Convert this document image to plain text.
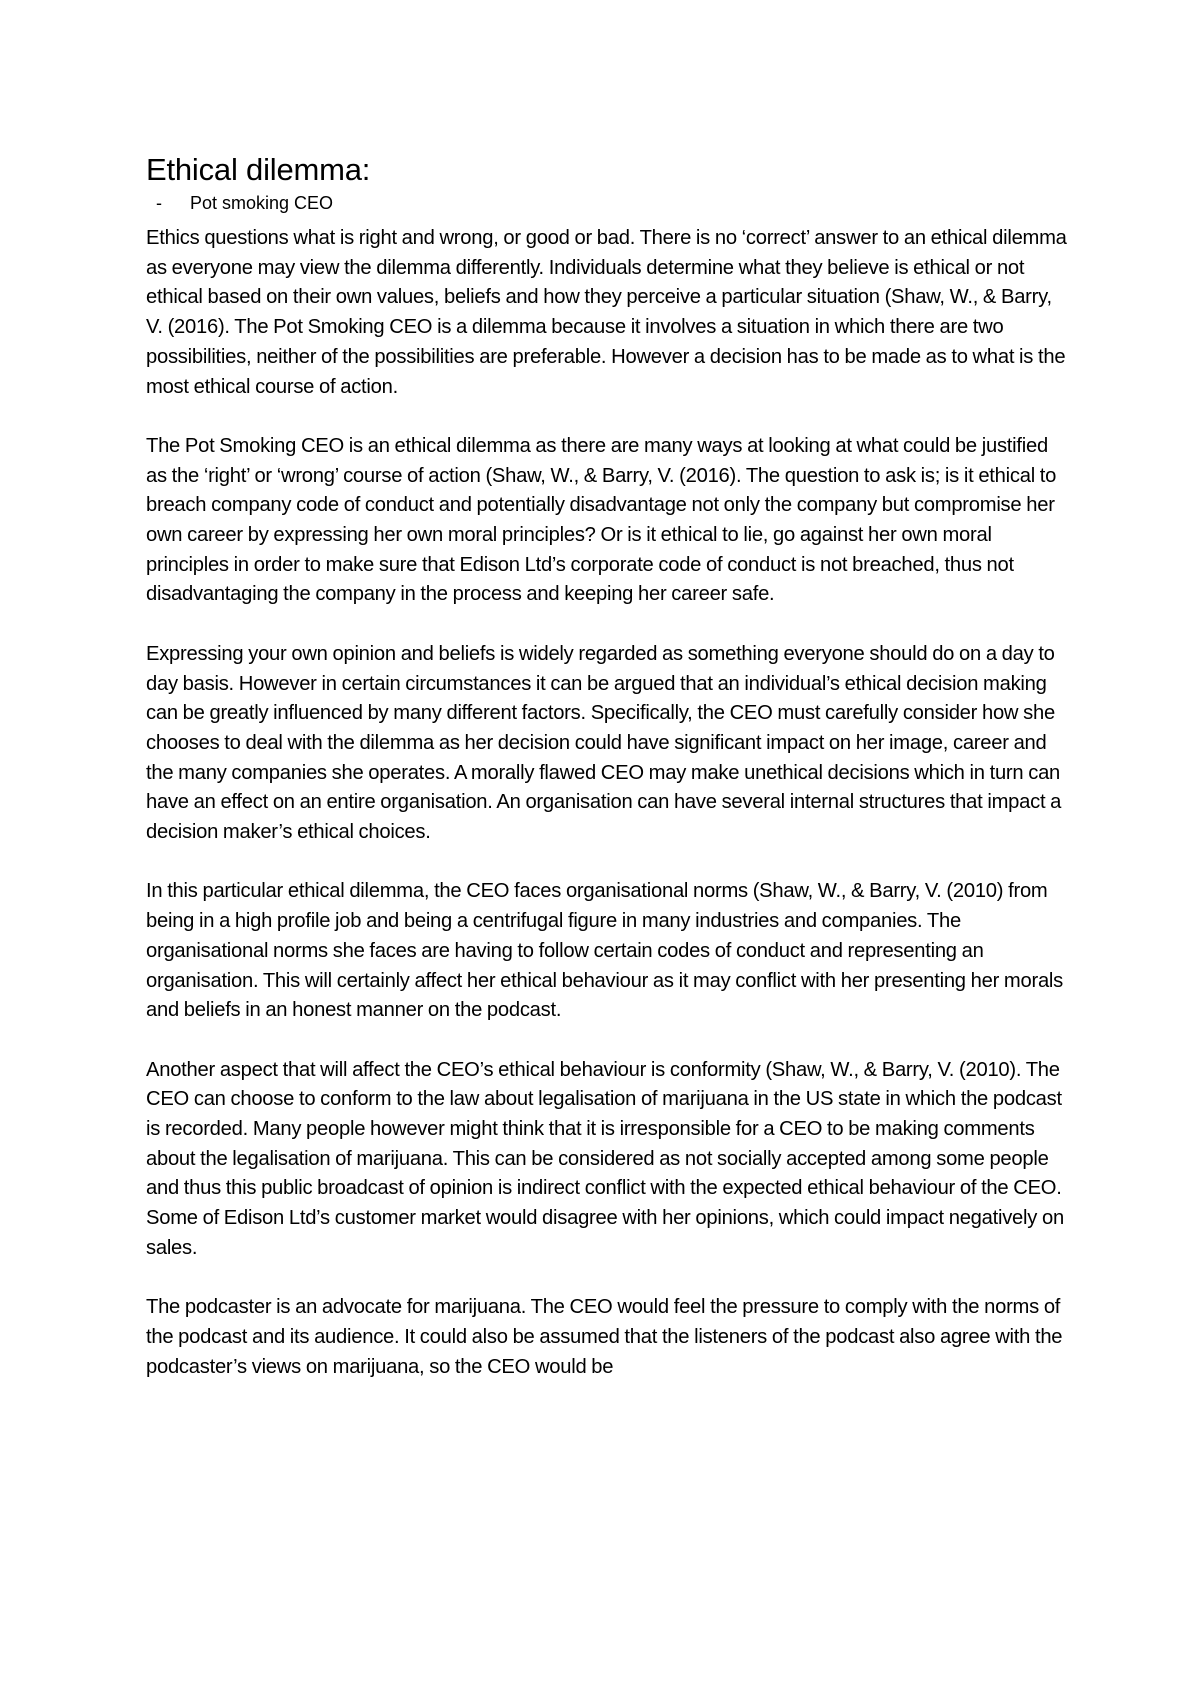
Ethical dilemma:
-	Pot smoking CEO

Ethics questions what is right and wrong, or good or bad. There is no ‘correct’ answer to an ethical dilemma as everyone may view the dilemma differently. Individuals determine what they believe is ethical or not ethical based on their own values, beliefs and how they perceive a particular situation (Shaw, W., & Barry, V. (2016). The Pot Smoking CEO is a dilemma because it involves a situation in which there are two possibilities, neither of the possibilities are preferable. However a decision has to be made as to what is the most ethical course of action.

The Pot Smoking CEO is an ethical dilemma as there are many ways at looking at what could be justified as the ‘right’ or ‘wrong’ course of action (Shaw, W., & Barry, V. (2016). The question to ask is; is it ethical to breach company code of conduct and potentially disadvantage not only the company but compromise her own career by expressing her own moral principles? Or is it ethical to lie, go against her own moral principles in order to make sure that Edison Ltd’s corporate code of conduct is not breached, thus not disadvantaging the company in the process and keeping her career safe.

Expressing your own opinion and beliefs is widely regarded as something everyone should do on a day to day basis. However in certain circumstances it can be argued that an individual’s ethical decision making can be greatly influenced by many different factors. Specifically, the CEO must carefully consider how she chooses to deal with the dilemma as her decision could have significant impact on her image, career and the many companies she operates. A morally flawed CEO may make unethical decisions which in turn can have an effect on an entire organisation. An organisation can have several internal structures that impact a decision maker’s ethical choices.

In this particular ethical dilemma, the CEO faces organisational norms (Shaw, W., & Barry, V. (2010) from being in a high profile job and being a centrifugal figure in many industries and companies. The organisational norms she faces are having to follow certain codes of conduct and representing an organisation. This will certainly affect her ethical behaviour as it may conflict with her presenting her morals and beliefs in an honest manner on the podcast.

Another aspect that will affect the CEO’s ethical behaviour is conformity (Shaw, W., & Barry, V. (2010). The CEO can choose to conform to the law about legalisation of marijuana in the US state in which the podcast is recorded. Many people however might think that it is irresponsible for a CEO to be making comments about the legalisation of marijuana. This can be considered as not socially accepted among some people and thus this public broadcast of opinion is indirect conflict with the expected ethical behaviour of the CEO. Some of Edison Ltd’s customer market would disagree with her opinions, which could impact negatively on sales.

The podcaster is an advocate for marijuana. The CEO would feel the pressure to comply with the norms of the podcast and its audience. It could also be assumed that the listeners of the podcast also agree with the podcaster’s views on marijuana, so the CEO would be
